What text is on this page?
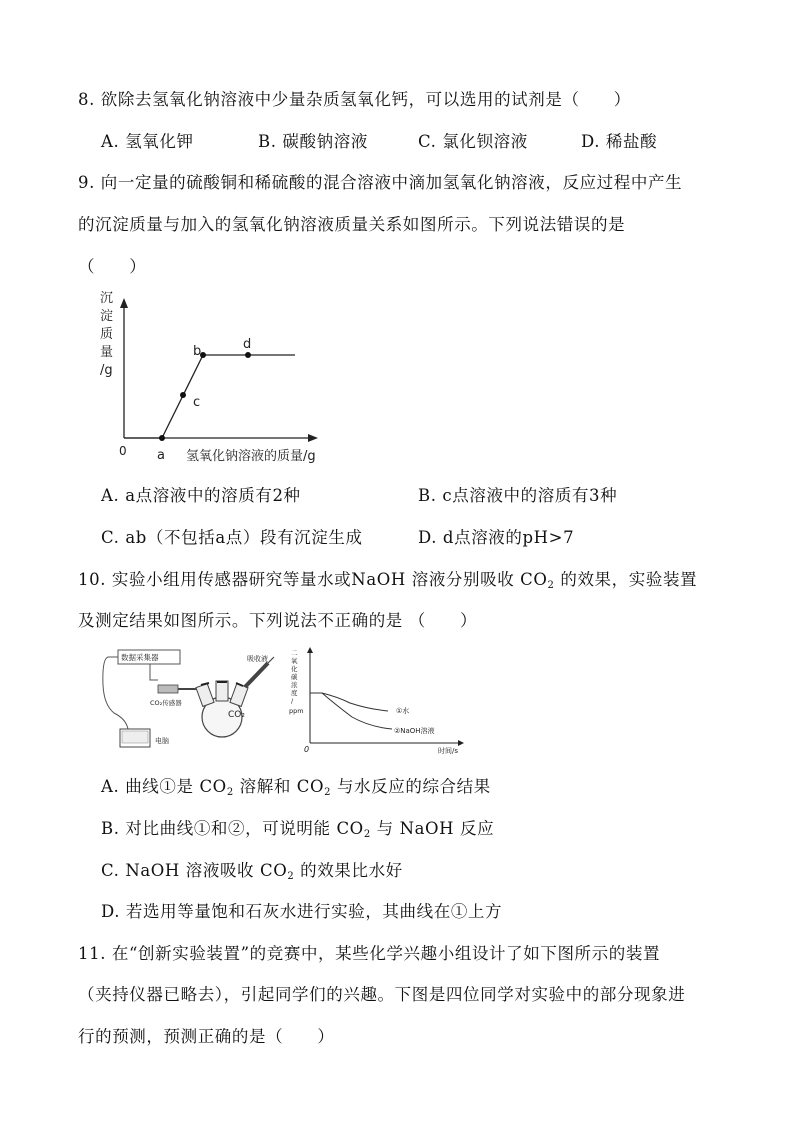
8. 欲除去氢氧化钠溶液中少量杂质氢氧化钙，可以选用的试剂是（　　）
A. 氢氧化钾	B. 碳酸钠溶液	C. 氯化钡溶液	D. 稀盐酸
9. 向一定量的硫酸铜和稀硫酸的混合溶液中滴加氢氧化钠溶液，反应过程中产生
的沉淀质量与加入的氢氧化钠溶液质量关系如图所示。下列说法错误的是
（　　）
沉
淀
质
量
/g
0 a
b
c
d
氢氧化钠溶液的质量/g
A. a点溶液中的溶质有2种	B. c点溶液中的溶质有3种
C. ab（不包括a点）段有沉淀生成	D. d点溶液的pH>7
10. 实验小组用传感器研究等量水或NaOH 溶液分别吸收 $CO_2$ 的效果，实验装置
及测定结果如图所示。下列说法不正确的是 （　　）
数据采集器
CO₂传感器
电脑
吸收液
CO₂
二
氧
化
碳
浓
度
/
ppm
0
①水
②NaOH溶液
时间/s
A. 曲线①是 $CO_2$ 溶解和 $CO_2$ 与水反应的综合结果
B. 对比曲线①和②，可说明能 $CO_2$ 与 NaOH 反应
C. NaOH 溶液吸收 $CO_2$ 的效果比水好
D. 若选用等量饱和石灰水进行实验，其曲线在①上方
11. 在“创新实验装置”的竞赛中，某些化学兴趣小组设计了如下图所示的装置
（夹持仪器已略去），引起同学们的兴趣。下图是四位同学对实验中的部分现象进
行的预测，预测正确的是（　　）
